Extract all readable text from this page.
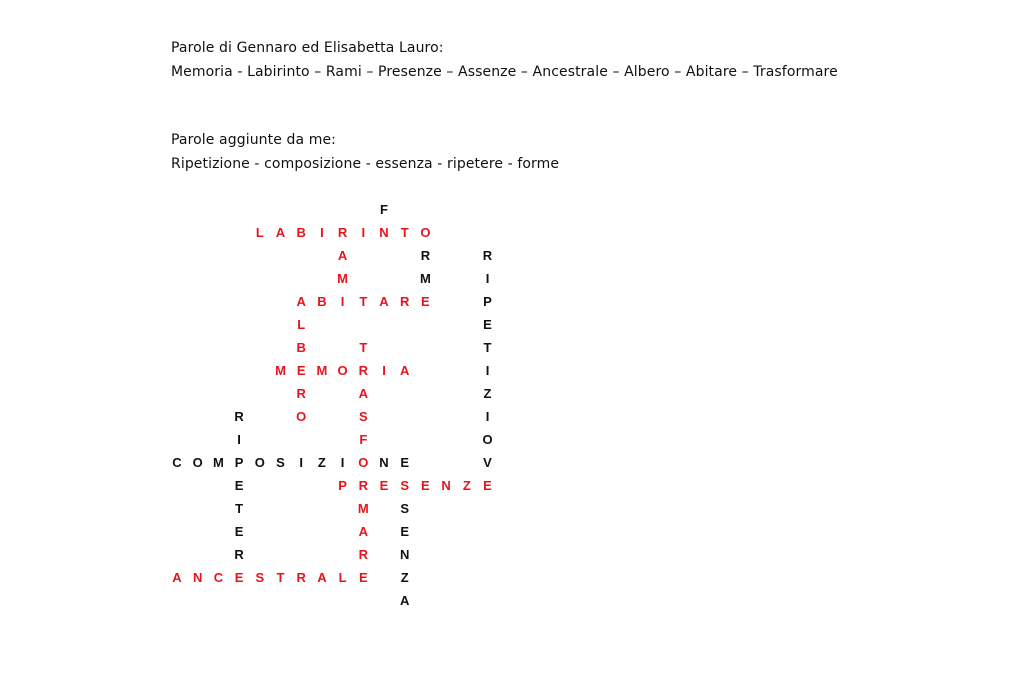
Parole di Gennaro ed Elisabetta Lauro:

Memoria - Labirinto – Rami – Presenze – Assenze – Ancestrale – Albero – Abitare – Trasformare

Parole aggiunte da me:

Ripetizione - composizione - essenza - ripetere - forme

F
L A B	I	R	I	N T O
A	R	R
M	M	I
A B	I	T A R E	P
L	E
B	T	T
M E M O R	I	A	I
R	A	Z
R	O	S	I
I	F	O
C O M P O S	I	Z	I	O N E	V
E	P R E S E N Z E
T	M	S
E	A	E
R	R	N
A N C E S T R A L E	Z
A
